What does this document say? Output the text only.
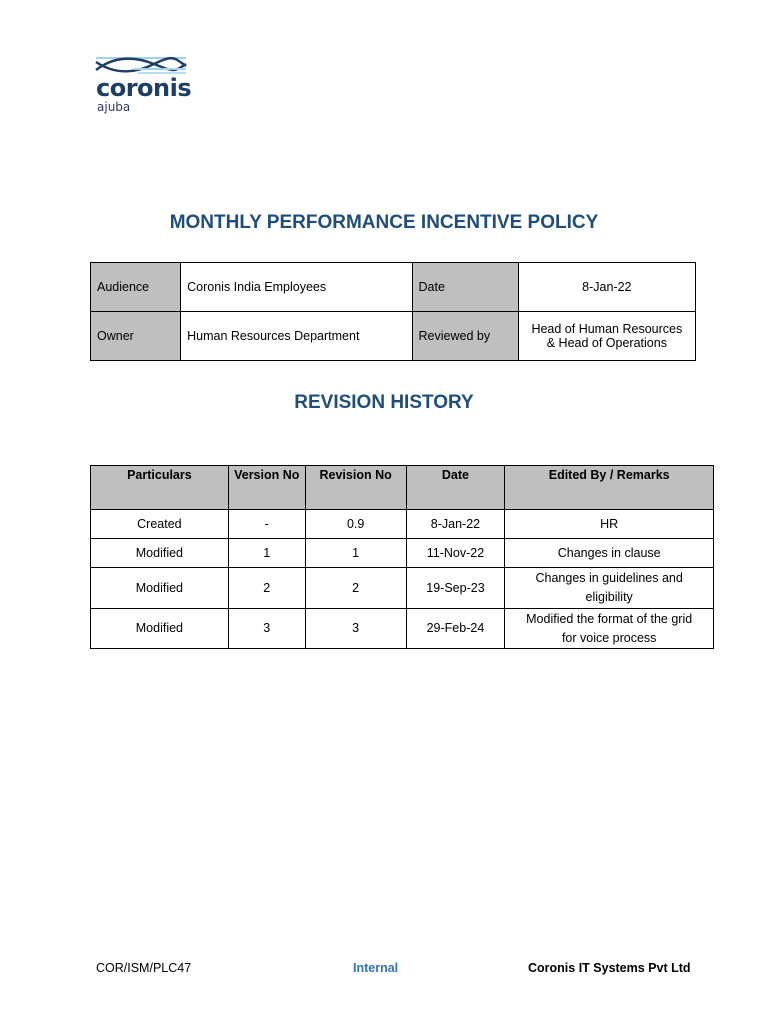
coronis
ajuba
MONTHLY PERFORMANCE INCENTIVE POLICY
Audience	Coronis India Employees	Date	8-Jan-22
Owner	Human Resources Department	Reviewed by	Head of Human Resources
& Head of Operations
REVISION HISTORY
Particulars	Version No	Revision No	Date	Edited By / Remarks
Created	-	0.9	8-Jan-22	HR

Modified	1	1	11-Nov-22	Changes in clause

Modified	2	2	19-Sep-23	Changes in guidelines and
eligibility

Modified	3	3	29-Feb-24	Modified the format of the grid
for voice process
COR/ISM/PLC47	Internal	Coronis IT Systems Pvt Ltd
